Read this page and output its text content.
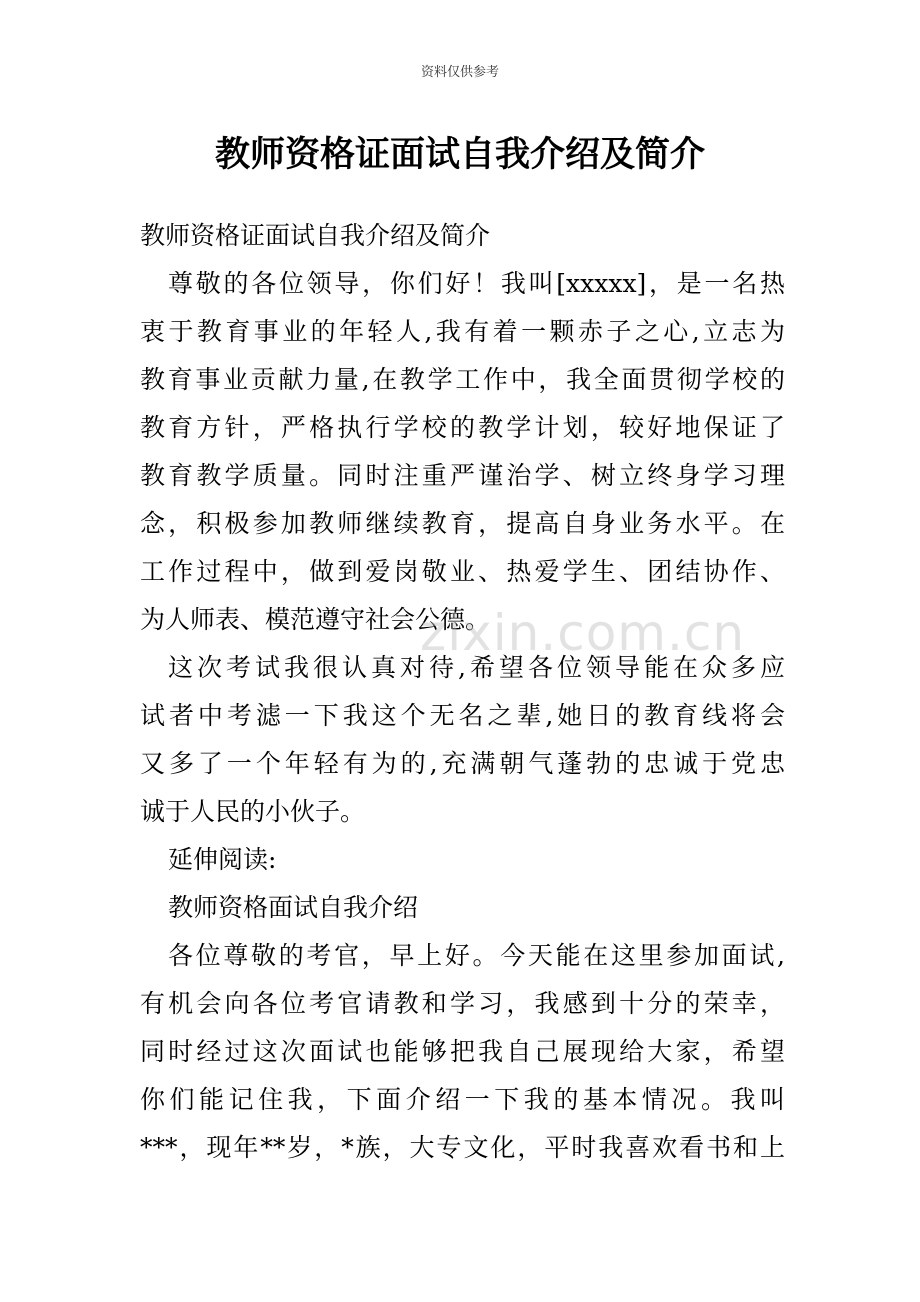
资料仅供参考
教师资格证面试自我介绍及简介
教师资格证面试自我介绍及简介
尊敬的各位领导，你们好！我叫[xxxxx]，是一名热
衷于教育事业的年轻人,我有着一颗赤子之心,立志为
教育事业贡献力量,在教学工作中，我全面贯彻学校的
教育方针，严格执行学校的教学计划，较好地保证了
教育教学质量。同时注重严谨治学、树立终身学习理
念，积极参加教师继续教育，提高自身业务水平。在
工作过程中，做到爱岗敬业、热爱学生、团结协作、
为人师表、模范遵守社会公德。
这次考试我很认真对待,希望各位领导能在众多应
试者中考滤一下我这个无名之辈,她日的教育线将会
又多了一个年轻有为的,充满朝气蓬勃的忠诚于党忠
诚于人民的小伙子。
延伸阅读:
教师资格面试自我介绍
各位尊敬的考官，早上好。今天能在这里参加面试,
有机会向各位考官请教和学习，我感到十分的荣幸，
同时经过这次面试也能够把我自己展现给大家，希望
你们能记住我，下面介绍一下我的基本情况。我叫
***，现年**岁，*族，大专文化，平时我喜欢看书和上
zixin.com.cn
